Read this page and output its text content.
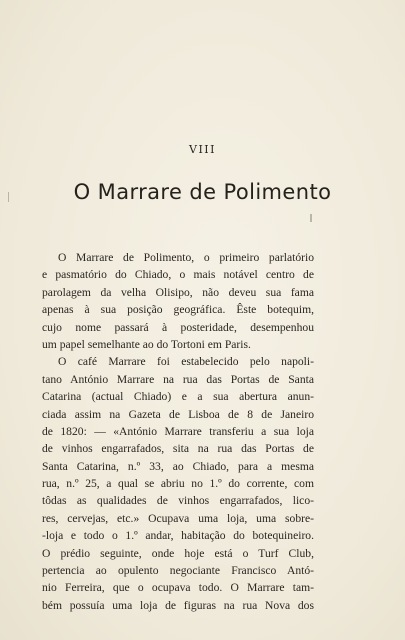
VIII
O Marrare de Polimento
O Marrare de Polimento, o primeiro parlatório
e pasmatório do Chiado, o mais notável centro de
parolagem da velha Olisipo, não deveu sua fama
apenas à sua posição geográfica. Êste botequim,
cujo nome passará à posteridade, desempenhou
um papel semelhante ao do Tortoni em Paris.
O café Marrare foi estabelecido pelo napoli-
tano António Marrare na rua das Portas de Santa
Catarina (actual Chiado) e a sua abertura anun-
ciada assim na Gazeta de Lisboa de 8 de Janeiro
de 1820: — «António Marrare transferiu a sua loja
de vinhos engarrafados, sita na rua das Portas de
Santa Catarina, n.º 33, ao Chiado, para a mesma
rua, n.º 25, a qual se abriu no 1.º do corrente, com
tôdas as qualidades de vinhos engarrafados, lico-
res, cervejas, etc.» Ocupava uma loja, uma sobre-
-loja e todo o 1.º andar, habitação do botequineiro.
O prédio seguinte, onde hoje está o Turf Club,
pertencia ao opulento negociante Francisco Antó-
nio Ferreira, que o ocupava todo. O Marrare tam-
bém possuía uma loja de figuras na rua Nova dos
